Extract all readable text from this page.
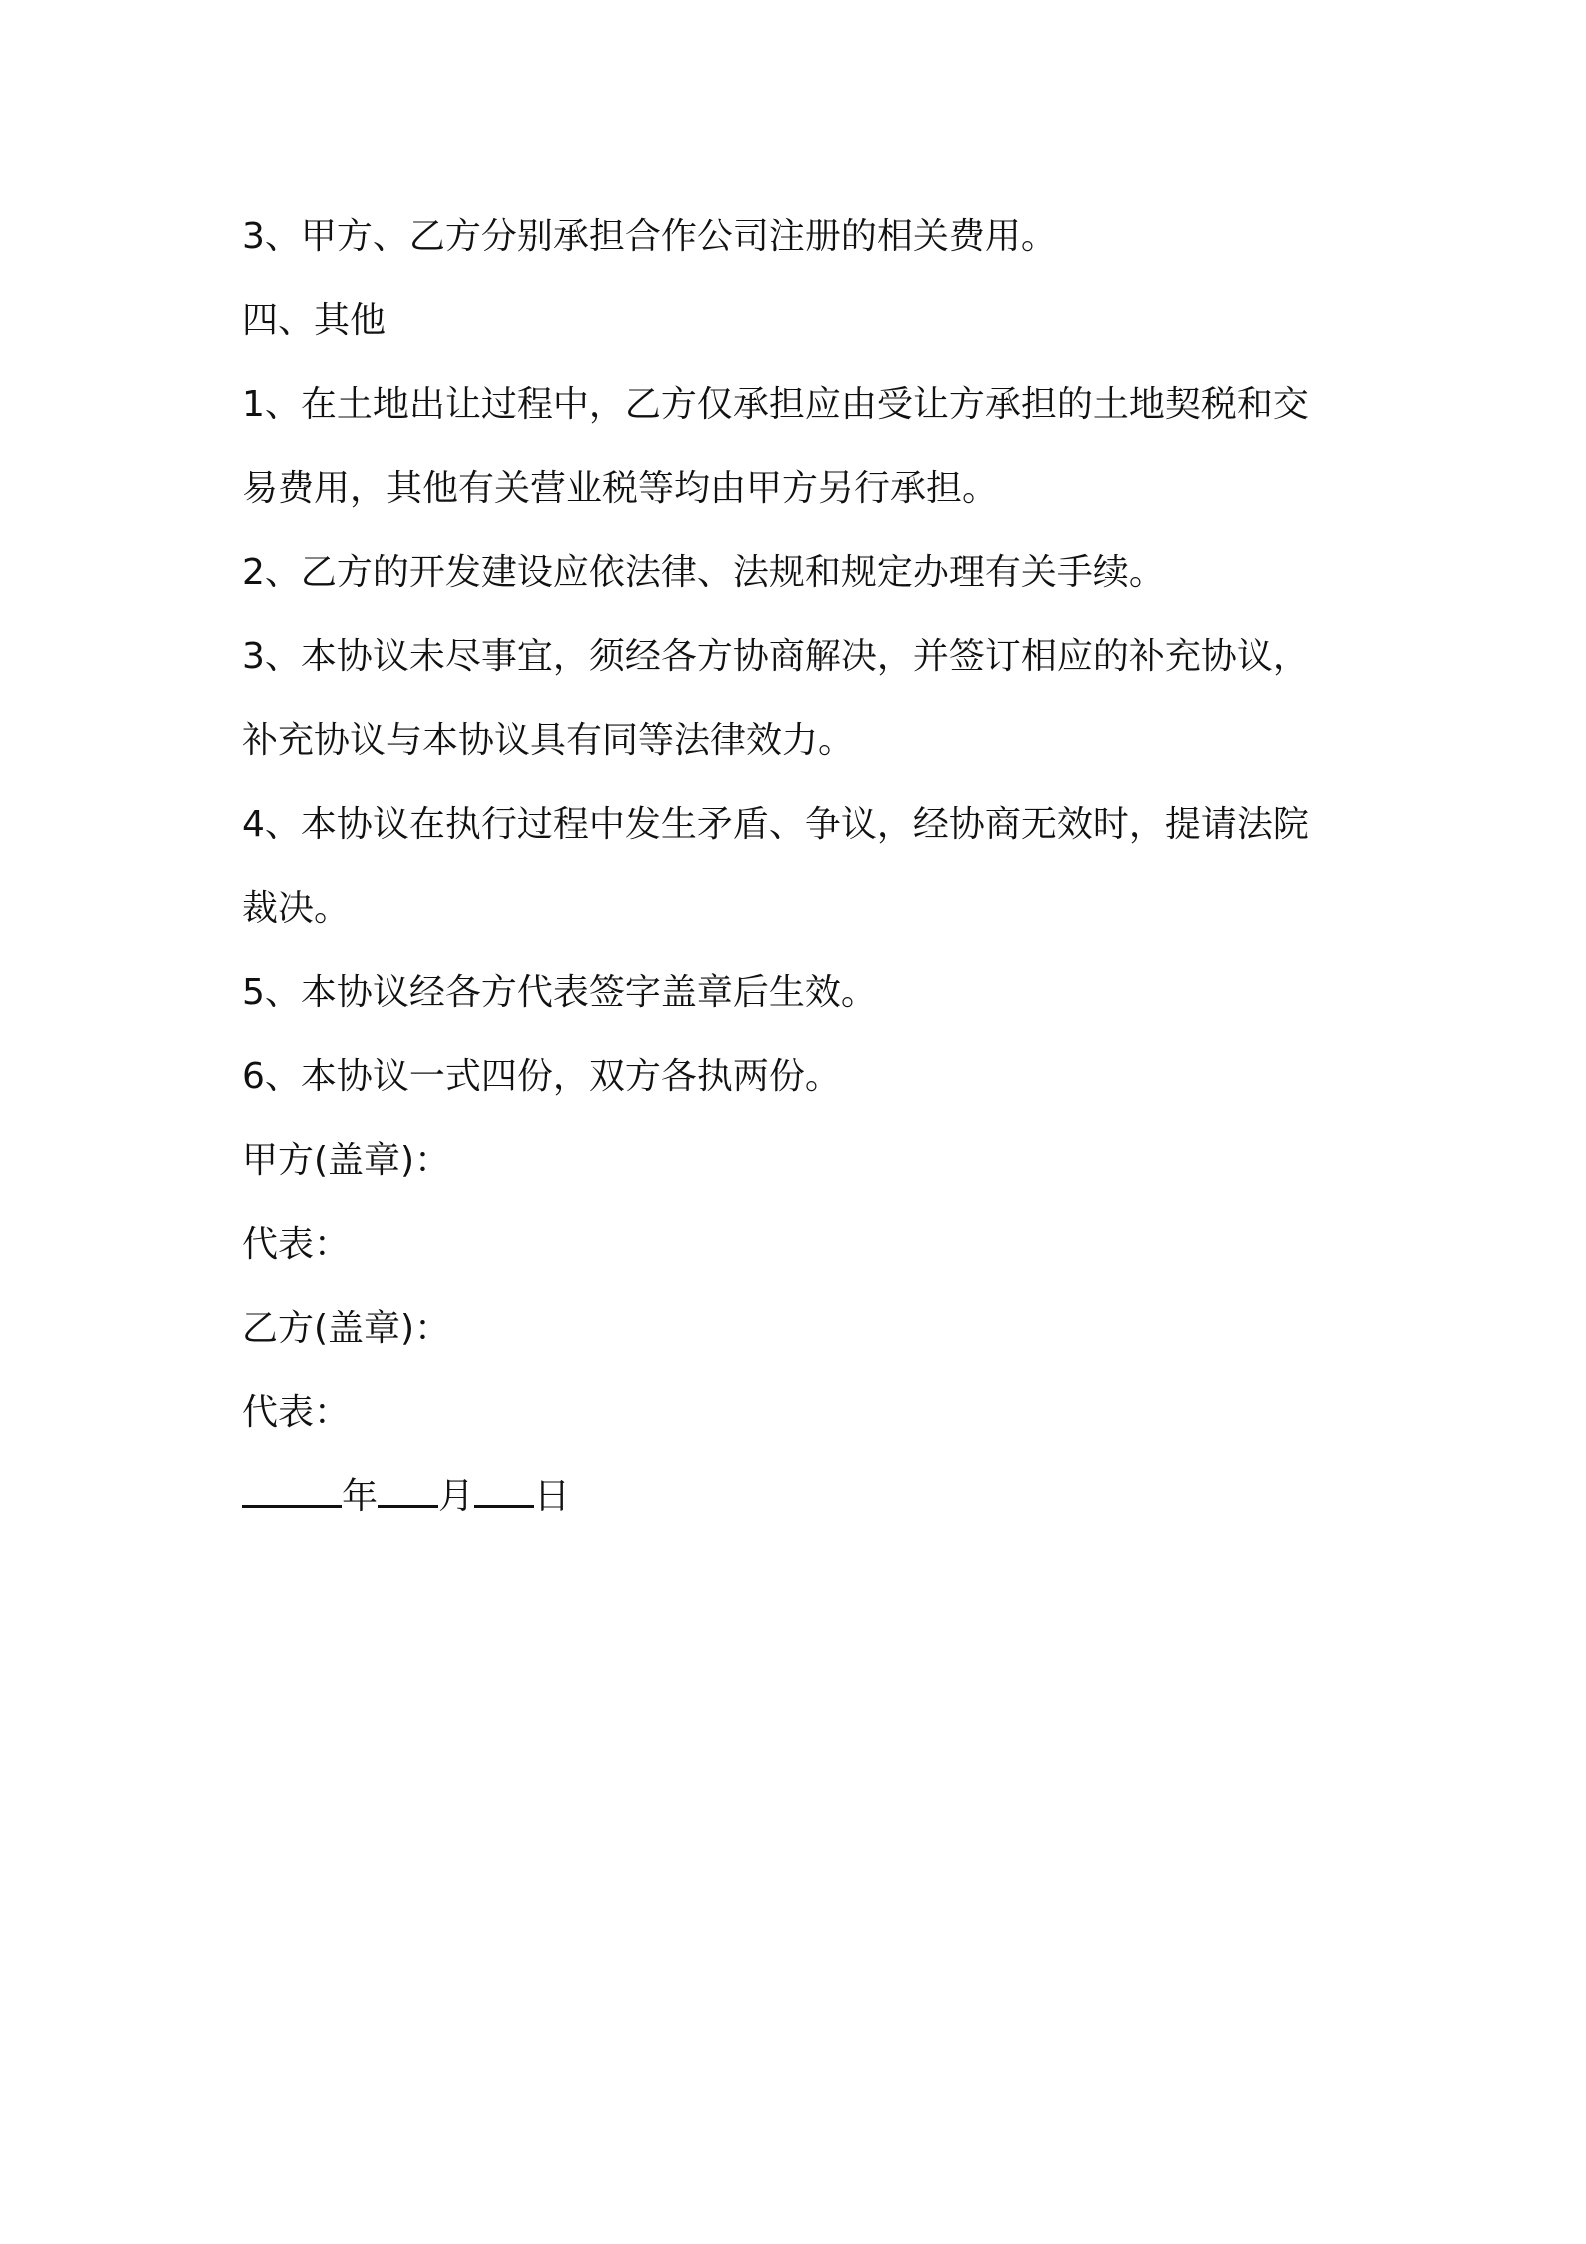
3、甲方、乙方分别承担合作公司注册的相关费用。
四、其他
1、在土地出让过程中，乙方仅承担应由受让方承担的土地契税和交
易费用，其他有关营业税等均由甲方另行承担。
2、乙方的开发建设应依法律、法规和规定办理有关手续。
3、本协议未尽事宜，须经各方协商解决，并签订相应的补充协议，
补充协议与本协议具有同等法律效力。
4、本协议在执行过程中发生矛盾、争议，经协商无效时，提请法院
裁决。
5、本协议经各方代表签字盖章后生效。
6、本协议一式四份，双方各执两份。
甲方(盖章)：
代表：
乙方(盖章)：
代表：
年 月 日
